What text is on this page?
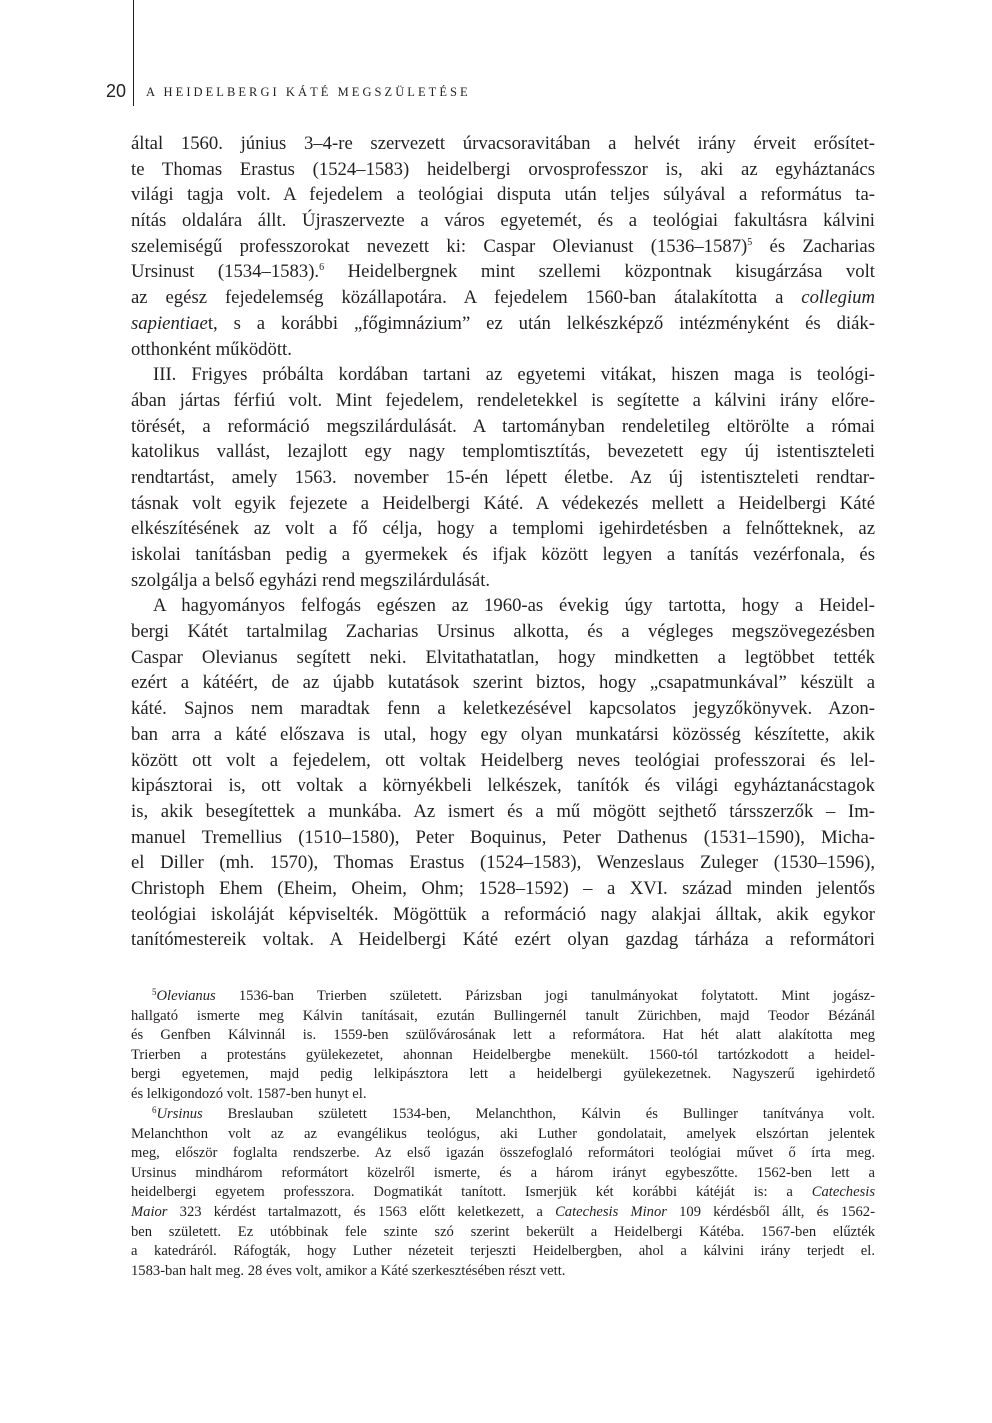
20 A HEIDELBERGI KÁTÉ MEGSZÜLETÉSE
által 1560. június 3–4-re szervezett úrvacsoravitában a helvét irány érveit erősítet-
te Thomas Erastus (1524–1583) heidelbergi orvosprofesszor is, aki az egyháztanács
világi tagja volt. A fejedelem a teológiai disputa után teljes súlyával a református ta-
nítás oldalára állt. Újraszervezte a város egyetemét, és a teológiai fakultásra kálvini
szelemiségű professzorokat nevezett ki: Caspar Olevianust (1536–1587)$^5$ és Zacharias
Ursinust (1534–1583).$^6$ Heidelbergnek mint szellemi központnak kisugárzása volt
az egész fejedelemség közállapotára. A fejedelem 1560-ban átalakította a collegium
sapientiaet, s a korábbi „főgimnázium” ez után lelkészképző intézményként és diák-
otthonként működött.
III. Frigyes próbálta kordában tartani az egyetemi vitákat, hiszen maga is teológi-
ában jártas férfiú volt. Mint fejedelem, rendeletekkel is segítette a kálvini irány előre-
törését, a reformáció megszilárdulását. A tartományban rendeletileg eltörölte a római
katolikus vallást, lezajlott egy nagy templomtisztítás, bevezetett egy új istentiszteleti
rendtartást, amely 1563. november 15-én lépett életbe. Az új istentiszteleti rendtar-
tásnak volt egyik fejezete a Heidelbergi Káté. A védekezés mellett a Heidelbergi Káté
elkészítésének az volt a fő célja, hogy a templomi igehirdetésben a felnőtteknek, az
iskolai tanításban pedig a gyermekek és ifjak között legyen a tanítás vezérfonala, és
szolgálja a belső egyházi rend megszilárdulását.
A hagyományos felfogás egészen az 1960-as évekig úgy tartotta, hogy a Heidel-
bergi Kátét tartalmilag Zacharias Ursinus alkotta, és a végleges megszövegezésben
Caspar Olevianus segített neki. Elvitathatatlan, hogy mindketten a legtöbbet tették
ezért a kátéért, de az újabb kutatások szerint biztos, hogy „csapatmunkával” készült a
káté. Sajnos nem maradtak fenn a keletkezésével kapcsolatos jegyzőkönyvek. Azon-
ban arra a káté előszava is utal, hogy egy olyan munkatársi közösség készítette, akik
között ott volt a fejedelem, ott voltak Heidelberg neves teológiai professzorai és lel-
kipásztorai is, ott voltak a környékbeli lelkészek, tanítók és világi egyháztanácstagok
is, akik besegítettek a munkába. Az ismert és a mű mögött sejthető társszerzők – Im-
manuel Tremellius (1510–1580), Peter Boquinus, Peter Dathenus (1531–1590), Micha-
el Diller (mh. 1570), Thomas Erastus (1524–1583), Wenzeslaus Zuleger (1530–1596),
Christoph Ehem (Eheim, Oheim, Ohm; 1528–1592) – a XVI. század minden jelentős
teológiai iskoláját képviselték. Mögöttük a reformáció nagy alakjai álltak, akik egykor
tanítómestereik voltak. A Heidelbergi Káté ezért olyan gazdag tárháza a reformátori
$^5$Olevianus 1536-ban Trierben született. Párizsban jogi tanulmányokat folytatott. Mint jogász-
hallgató ismerte meg Kálvin tanításait, ezután Bullingernél tanult Zürichben, majd Teodor Bézánál
és Genfben Kálvinnál is. 1559-ben szülővárosának lett a reformátora. Hat hét alatt alakította meg
Trierben a protestáns gyülekezetet, ahonnan Heidelbergbe menekült. 1560-tól tartózkodott a heidel-
bergi egyetemen, majd pedig lelkipásztora lett a heidelbergi gyülekezetnek. Nagyszerű igehirdető
és lelkigondozó volt. 1587-ben hunyt el.
$^6$Ursinus Breslauban született 1534-ben, Melanchthon, Kálvin és Bullinger tanítványa volt.
Melanchthon volt az az evangélikus teológus, aki Luther gondolatait, amelyek elszórtan jelentek
meg, először foglalta rendszerbe. Az első igazán összefoglaló reformátori teológiai művet ő írta meg.
Ursinus mindhárom reformátort közelről ismerte, és a három irányt egybeszőtte. 1562-ben lett a
heidelbergi egyetem professzora. Dogmatikát tanított. Ismerjük két korábbi kátéját is: a Catechesis
Maior 323 kérdést tartalmazott, és 1563 előtt keletkezett, a Catechesis Minor 109 kérdésből állt, és 1562-
ben született. Ez utóbbinak fele szinte szó szerint bekerült a Heidelbergi Kátéba. 1567-ben elűzték
a katedráról. Ráfogták, hogy Luther nézeteit terjeszti Heidelbergben, ahol a kálvini irány terjedt el.
1583-ban halt meg. 28 éves volt, amikor a Káté szerkesztésében részt vett.
